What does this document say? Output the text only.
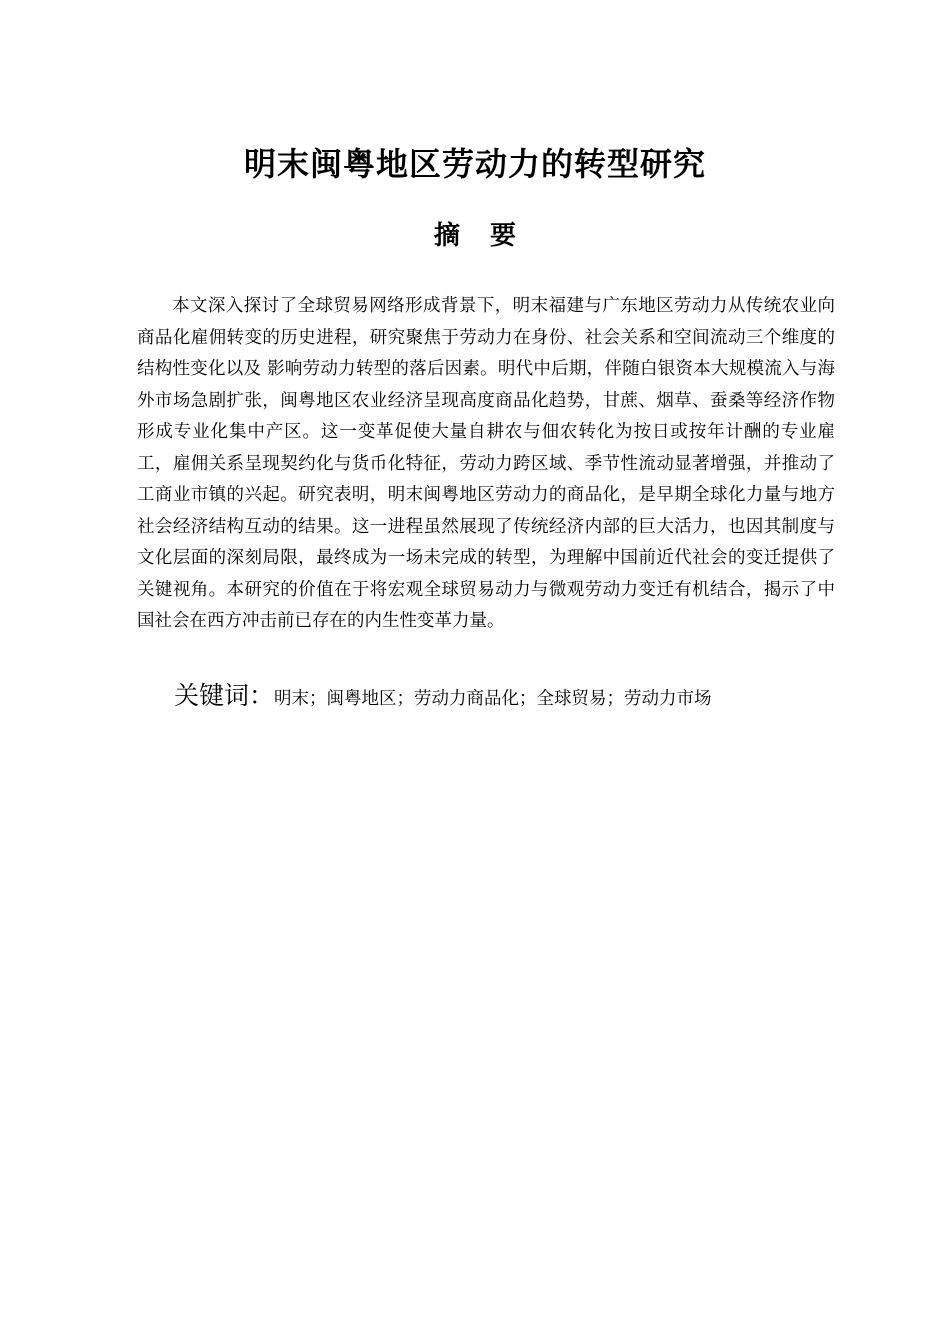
明末闽粤地区劳动力的转型研究
摘要

本文深入探讨了全球贸易网络形成背景下，明末福建与广东地区劳动力从传统农业向商品化雇佣转变的历史进程，研究聚焦于劳动力在身份、社会关系和空间流动三个维度的结构性变化以及 影响劳动力转型的落后因素。明代中后期，伴随白银资本大规模流入与海外市场急剧扩张，闽粤地区农业经济呈现高度商品化趋势，甘蔗、烟草、蚕桑等经济作物形成专业化集中产区。这一变革促使大量自耕农与佃农转化为按日或按年计酬的专业雇工，雇佣关系呈现契约化与货币化特征，劳动力跨区域、季节性流动显著增强，并推动了工商业市镇的兴起。研究表明，明末闽粤地区劳动力的商品化，是早期全球化力量与地方社会经济结构互动的结果。这一进程虽然展现了传统经济内部的巨大活力，也因其制度与文化层面的深刻局限，最终成为一场未完成的转型，为理解中国前近代社会的变迁提供了关键视角。本研究的价值在于将宏观全球贸易动力与微观劳动力变迁有机结合，揭示了中国社会在西方冲击前已存在的内生性变革力量。

关键词：明末；闽粤地区；劳动力商品化；全球贸易；劳动力市场
